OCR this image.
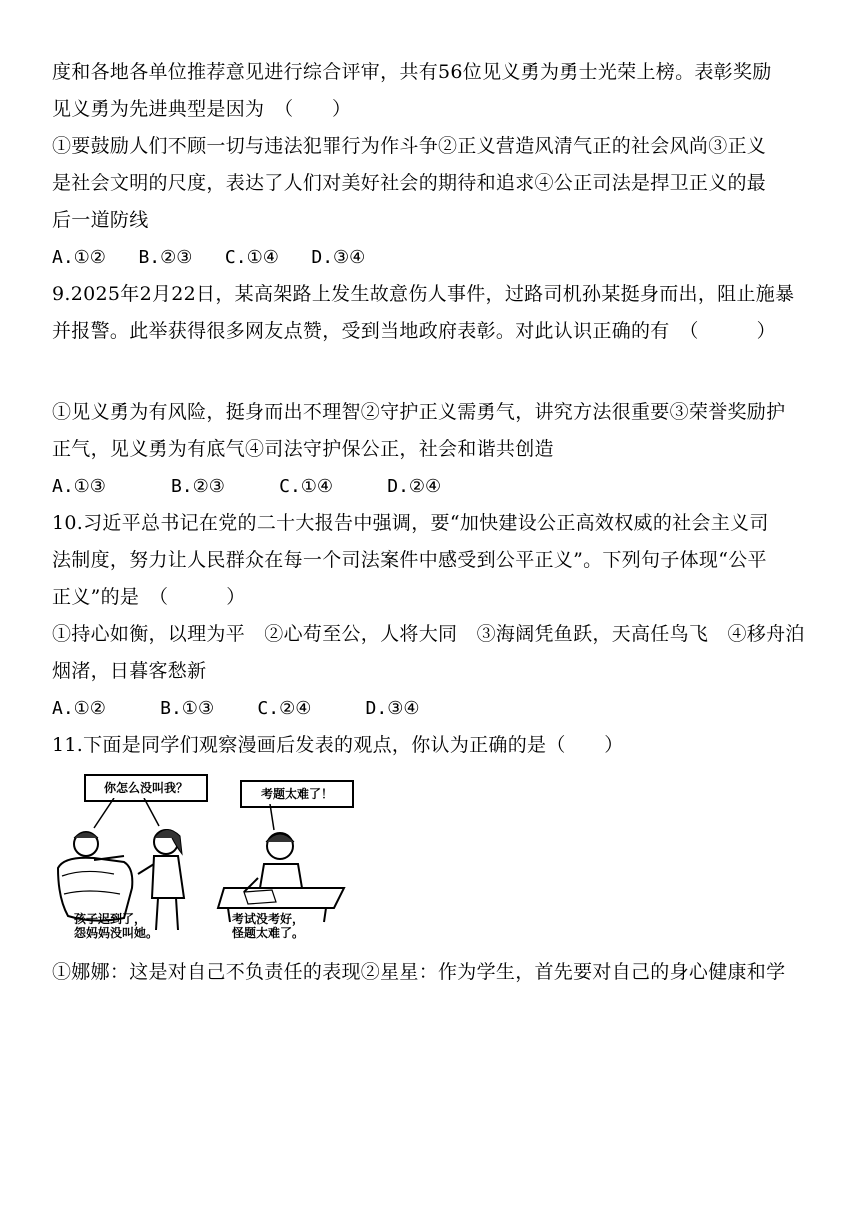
度和各地各单位推荐意见进行综合评审，共有56位见义勇为勇士光荣上榜。表彰奖励
见义勇为先进典型是因为　（　　）
①要鼓励人们不顾一切与违法犯罪行为作斗争②正义营造风清气正的社会风尚③正义
是社会文明的尺度，表达了人们对美好社会的期待和追求④公正司法是捍卫正义的最
后一道防线
A.①②   B.②③   C.①④   D.③④
9.2025年2月22日，某高架路上发生故意伤人事件，过路司机孙某挺身而出，阻止施暴
并报警。此举获得很多网友点赞，受到当地政府表彰。对此认识正确的有　（　　　）
①见义勇为有风险，挺身而出不理智②守护正义需勇气，讲究方法很重要③荣誉奖励护
正气，见义勇为有底气④司法守护保公正，社会和谐共创造
A.①③      B.②③     C.①④     D.②④
10.习近平总书记在党的二十大报告中强调，要“加快建设公正高效权威的社会主义司
法制度，努力让人民群众在每一个司法案件中感受到公平正义”。下列句子体现“公平
正义”的是　（　　　）
①持心如衡，以理为平　②心苟至公，人将大同　③海阔凭鱼跃，天高任鸟飞　④移舟泊
烟渚，日暮客愁新
A.①②     B.①③    C.②④     D.③④
11.下面是同学们观察漫画后发表的观点，你认为正确的是（　　）
你怎么没叫我？
孩子迟到了，
怨妈妈没叫她。
考题太难了！
考试没考好，
怪题太难了。
①娜娜：这是对自己不负责任的表现②星星：作为学生，首先要对自己的身心健康和学
